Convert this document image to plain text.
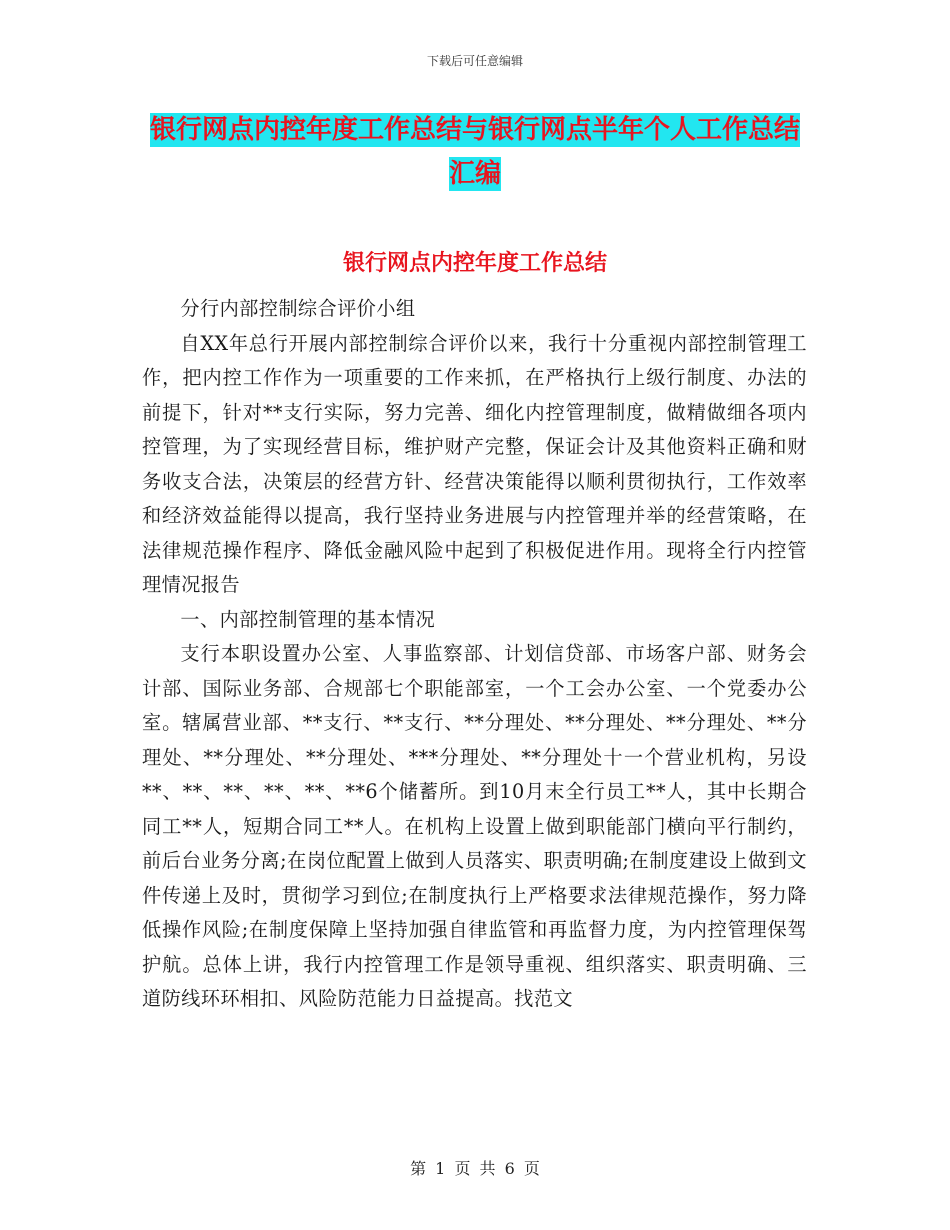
下载后可任意编辑
银行网点内控年度工作总结与银行网点半年个人工作总结汇编
银行网点内控年度工作总结

分行内部控制综合评价小组

自XX年总行开展内部控制综合评价以来，我行十分重视内部控制管理工作，把内控工作作为一项重要的工作来抓，在严格执行上级行制度、办法的前提下，针对**支行实际，努力完善、细化内控管理制度，做精做细各项内控管理，为了实现经营目标，维护财产完整，保证会计及其他资料正确和财务收支合法，决策层的经营方针、经营决策能得以顺利贯彻执行，工作效率和经济效益能得以提高，我行坚持业务进展与内控管理并举的经营策略，在法律规范操作程序、降低金融风险中起到了积极促进作用。现将全行内控管理情况报告

一、内部控制管理的基本情况

支行本职设置办公室、人事监察部、计划信贷部、市场客户部、财务会计部、国际业务部、合规部七个职能部室，一个工会办公室、一个党委办公室。辖属营业部、**支行、**支行、**分理处、**分理处、**分理处、**分理处、**分理处、**分理处、***分理处、**分理处十一个营业机构，另设**、**、**、**、**、**6个储蓄所。到10月末全行员工**人，其中长期合同工**人，短期合同工**人。在机构上设置上做到职能部门横向平行制约，前后台业务分离;在岗位配置上做到人员落实、职责明确;在制度建设上做到文件传递上及时，贯彻学习到位;在制度执行上严格要求法律规范操作，努力降低操作风险;在制度保障上坚持加强自律监管和再监督力度，为内控管理保驾护航。总体上讲，我行内控管理工作是领导重视、组织落实、职责明确、三道防线环环相扣、风险防范能力日益提高。找范文

第 1 页 共 6 页
